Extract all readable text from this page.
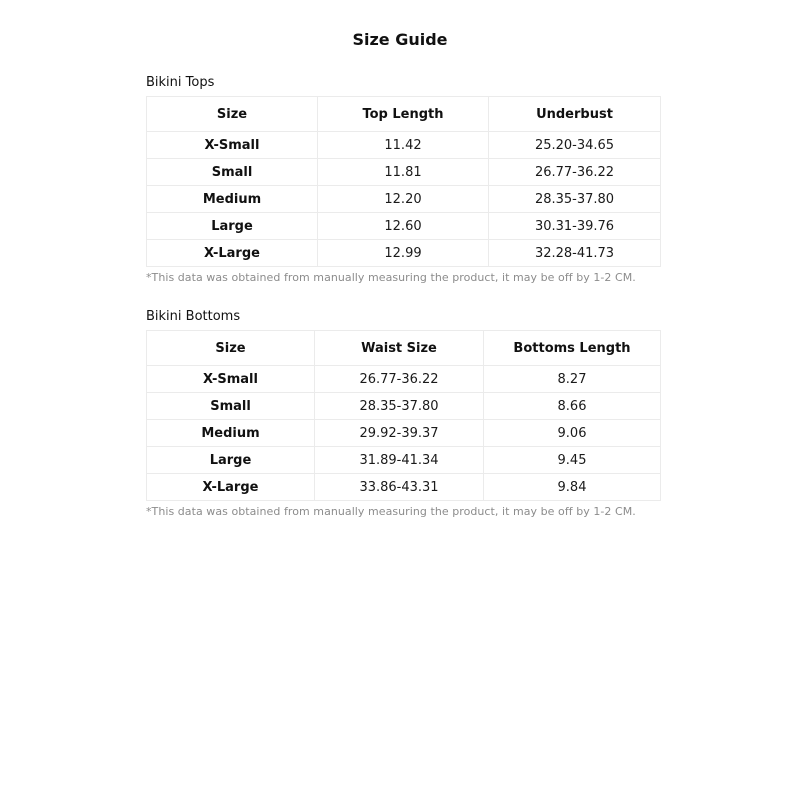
Size Guide
Bikini Tops
Size	Top Length	Underbust
X-Small	11.42	25.20-34.65
Small	11.81	26.77-36.22
Medium	12.20	28.35-37.80
Large	12.60	30.31-39.76
X-Large	12.99	32.28-41.73
*This data was obtained from manually measuring the product, it may be off by 1-2 CM.
Bikini Bottoms
Size	Waist Size	Bottoms Length
X-Small	26.77-36.22	8.27
Small	28.35-37.80	8.66
Medium	29.92-39.37	9.06
Large	31.89-41.34	9.45
X-Large	33.86-43.31	9.84
*This data was obtained from manually measuring the product, it may be off by 1-2 CM.
